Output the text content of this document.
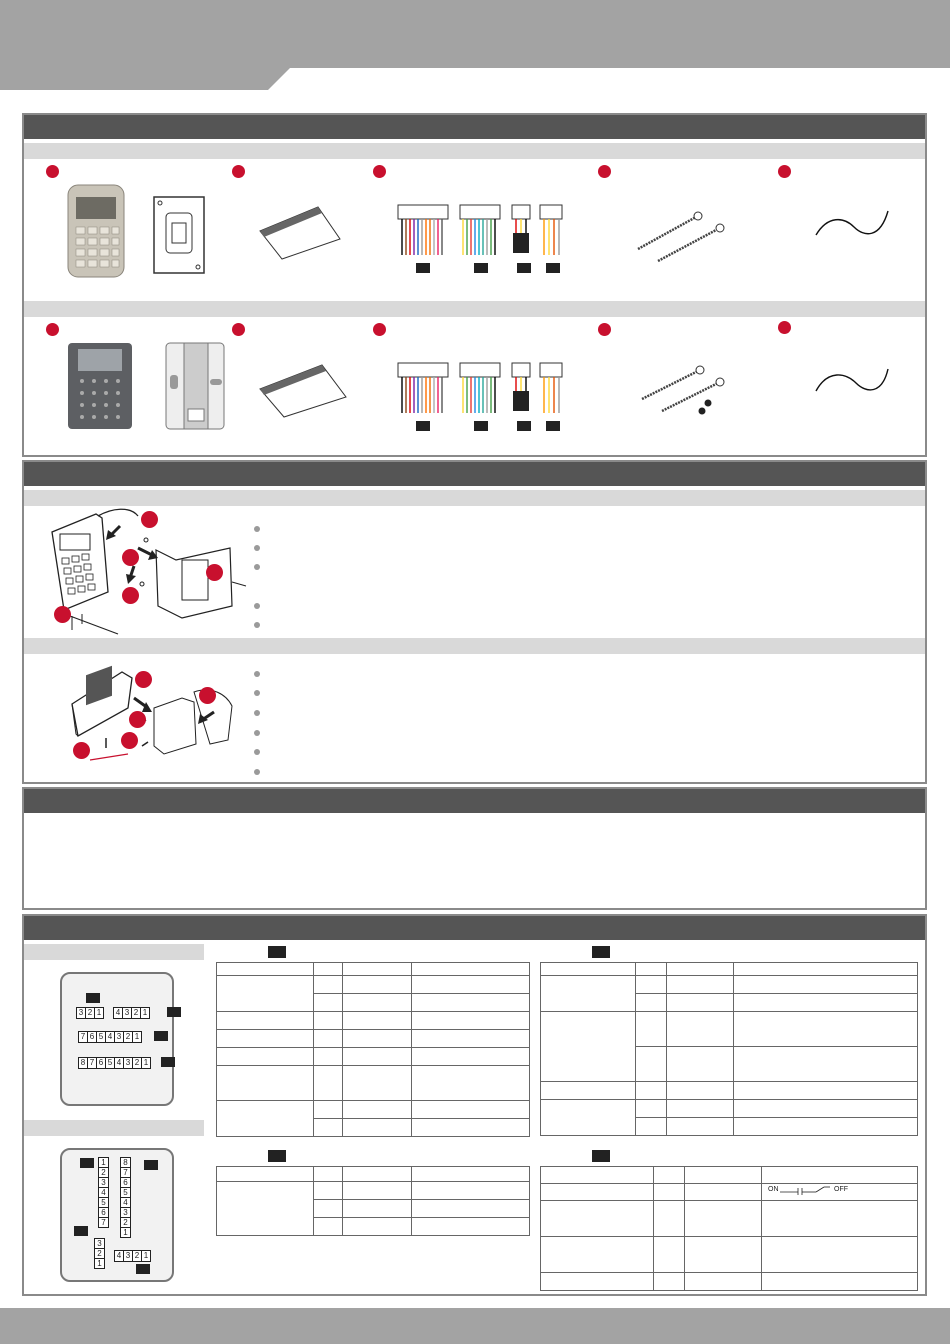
3 2 1	4 3 2 1
7 6 5 4 3 2 1
8 7 6 5 4 3 2 1
1
2
3
4
5
6
7
8
7
6
5
4
3
2
1
3
2
1
4 3 2 1

			ON OFF
